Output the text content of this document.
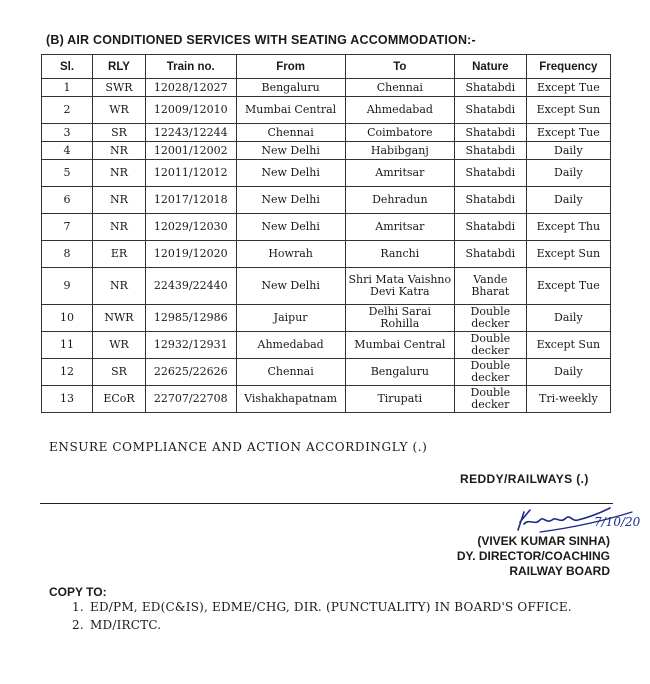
(B) AIR CONDITIONED SERVICES WITH SEATING ACCOMMODATION:-
Sl.	RLY	Train no.	From	To	Nature	Frequency
1	SWR	12028/12027	Bengaluru	Chennai	Shatabdi	Except Tue
2	WR	12009/12010	Mumbai Central	Ahmedabad	Shatabdi	Except Sun
3	SR	12243/12244	Chennai	Coimbatore	Shatabdi	Except Tue
4	NR	12001/12002	New Delhi	Habibganj	Shatabdi	Daily
5	NR	12011/12012	New Delhi	Amritsar	Shatabdi	Daily
6	NR	12017/12018	New Delhi	Dehradun	Shatabdi	Daily
7	NR	12029/12030	New Delhi	Amritsar	Shatabdi	Except Thu
8	ER	12019/12020	Howrah	Ranchi	Shatabdi	Except Sun
9	NR	22439/22440	New Delhi	Shri Mata Vaishno Devi Katra	Vande Bharat	Except Tue
10	NWR	12985/12986	Jaipur	Delhi Sarai Rohilla	Double decker	Daily
11	WR	12932/12931	Ahmedabad	Mumbai Central	Double decker	Except Sun
12	SR	22625/22626	Chennai	Bengaluru	Double decker	Daily
13	ECoR	22707/22708	Vishakhapatnam	Tirupati	Double decker	Tri-weekly
ENSURE COMPLIANCE AND ACTION ACCORDINGLY (.)
REDDY/RAILWAYS (.)
7/10/20
(VIVEK KUMAR SINHA)
DY. DIRECTOR/COACHING
RAILWAY BOARD
COPY TO:
1. ED/PM, ED(C&IS), EDME/CHG, DIR. (PUNCTUALITY) IN BOARD'S OFFICE.
2. MD/IRCTC.
